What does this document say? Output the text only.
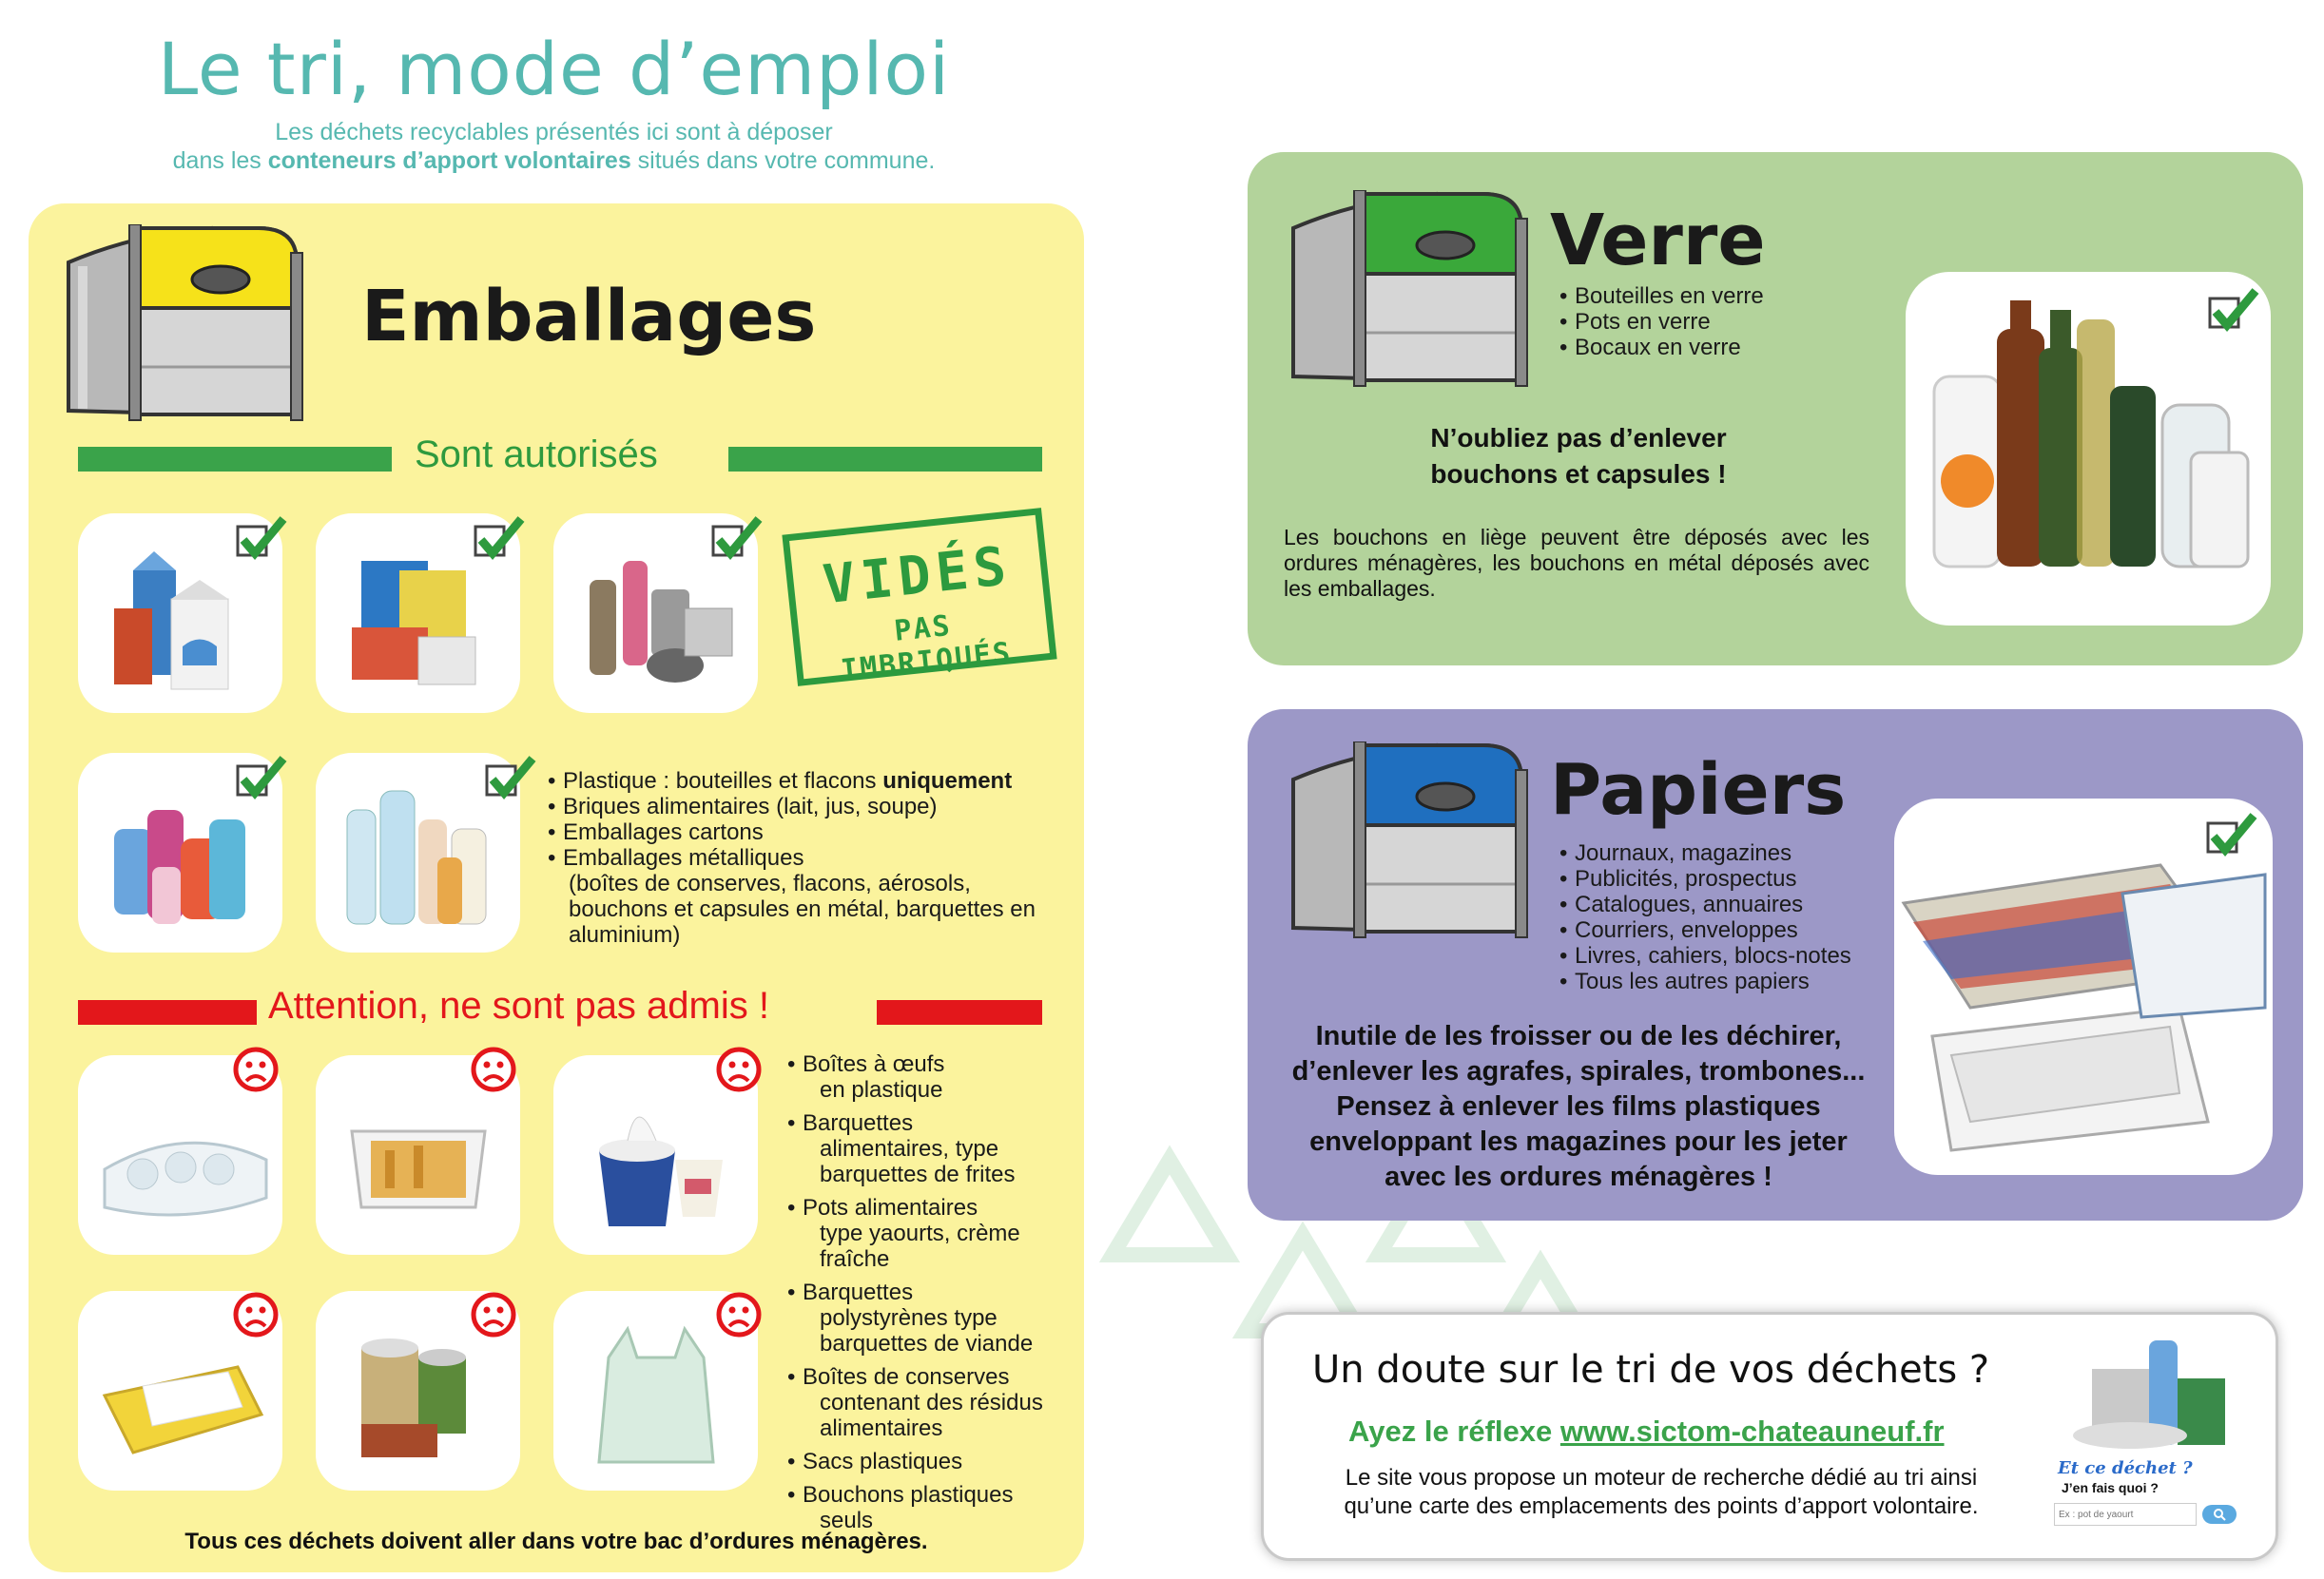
Le tri, mode d’emploi
Les déchets recyclables présentés ici sont à déposer
dans les conteneurs d’apport volontaires situés dans votre commune.
Emballages
Sont autorisés
VIDÉS
PAS IMBRIQUÉS
• Plastique : bouteilles et flacons uniquement
• Briques alimentaires (lait, jus, soupe)
• Emballages cartons
• Emballages métalliques
(boîtes de conserves, flacons, aérosols, bouchons et capsules en métal, barquettes en aluminium)
Attention, ne sont pas admis !
• Boîtes à œufs
en plastique
• Barquettes
alimentaires, type
barquettes de frites
• Pots alimentaires
type yaourts, crème
fraîche
• Barquettes
polystyrènes type
barquettes de viande
• Boîtes de conserves
contenant des résidus
alimentaires
• Sacs plastiques
• Bouchons plastiques
seuls
Tous ces déchets doivent aller dans votre bac d’ordures ménagères.
Verre
• Bouteilles en verre
• Pots en verre
• Bocaux en verre
N’oubliez pas d’enlever
bouchons et capsules !
Les bouchons en liège peuvent être déposés avec les ordures ménagères, les bouchons en métal déposés avec les emballages.
Papiers
• Journaux, magazines
• Publicités, prospectus
• Catalogues, annuaires
• Courriers, enveloppes
• Livres, cahiers, blocs-notes
• Tous les autres papiers
Inutile de les froisser ou de les déchirer,
d’enlever les agrafes, spirales, trombones...
Pensez à enlever les films plastiques
enveloppant les magazines pour les jeter
avec les ordures ménagères !
Un doute sur le tri de vos déchets ?
Ayez le réflexe www.sictom-chateauneuf.fr
Le site vous propose un moteur de recherche dédié au tri ainsi
qu’une carte des emplacements des points d’apport volontaire.
Et ce déchet ?
J’en fais quoi ?
Ex : pot de yaourt
